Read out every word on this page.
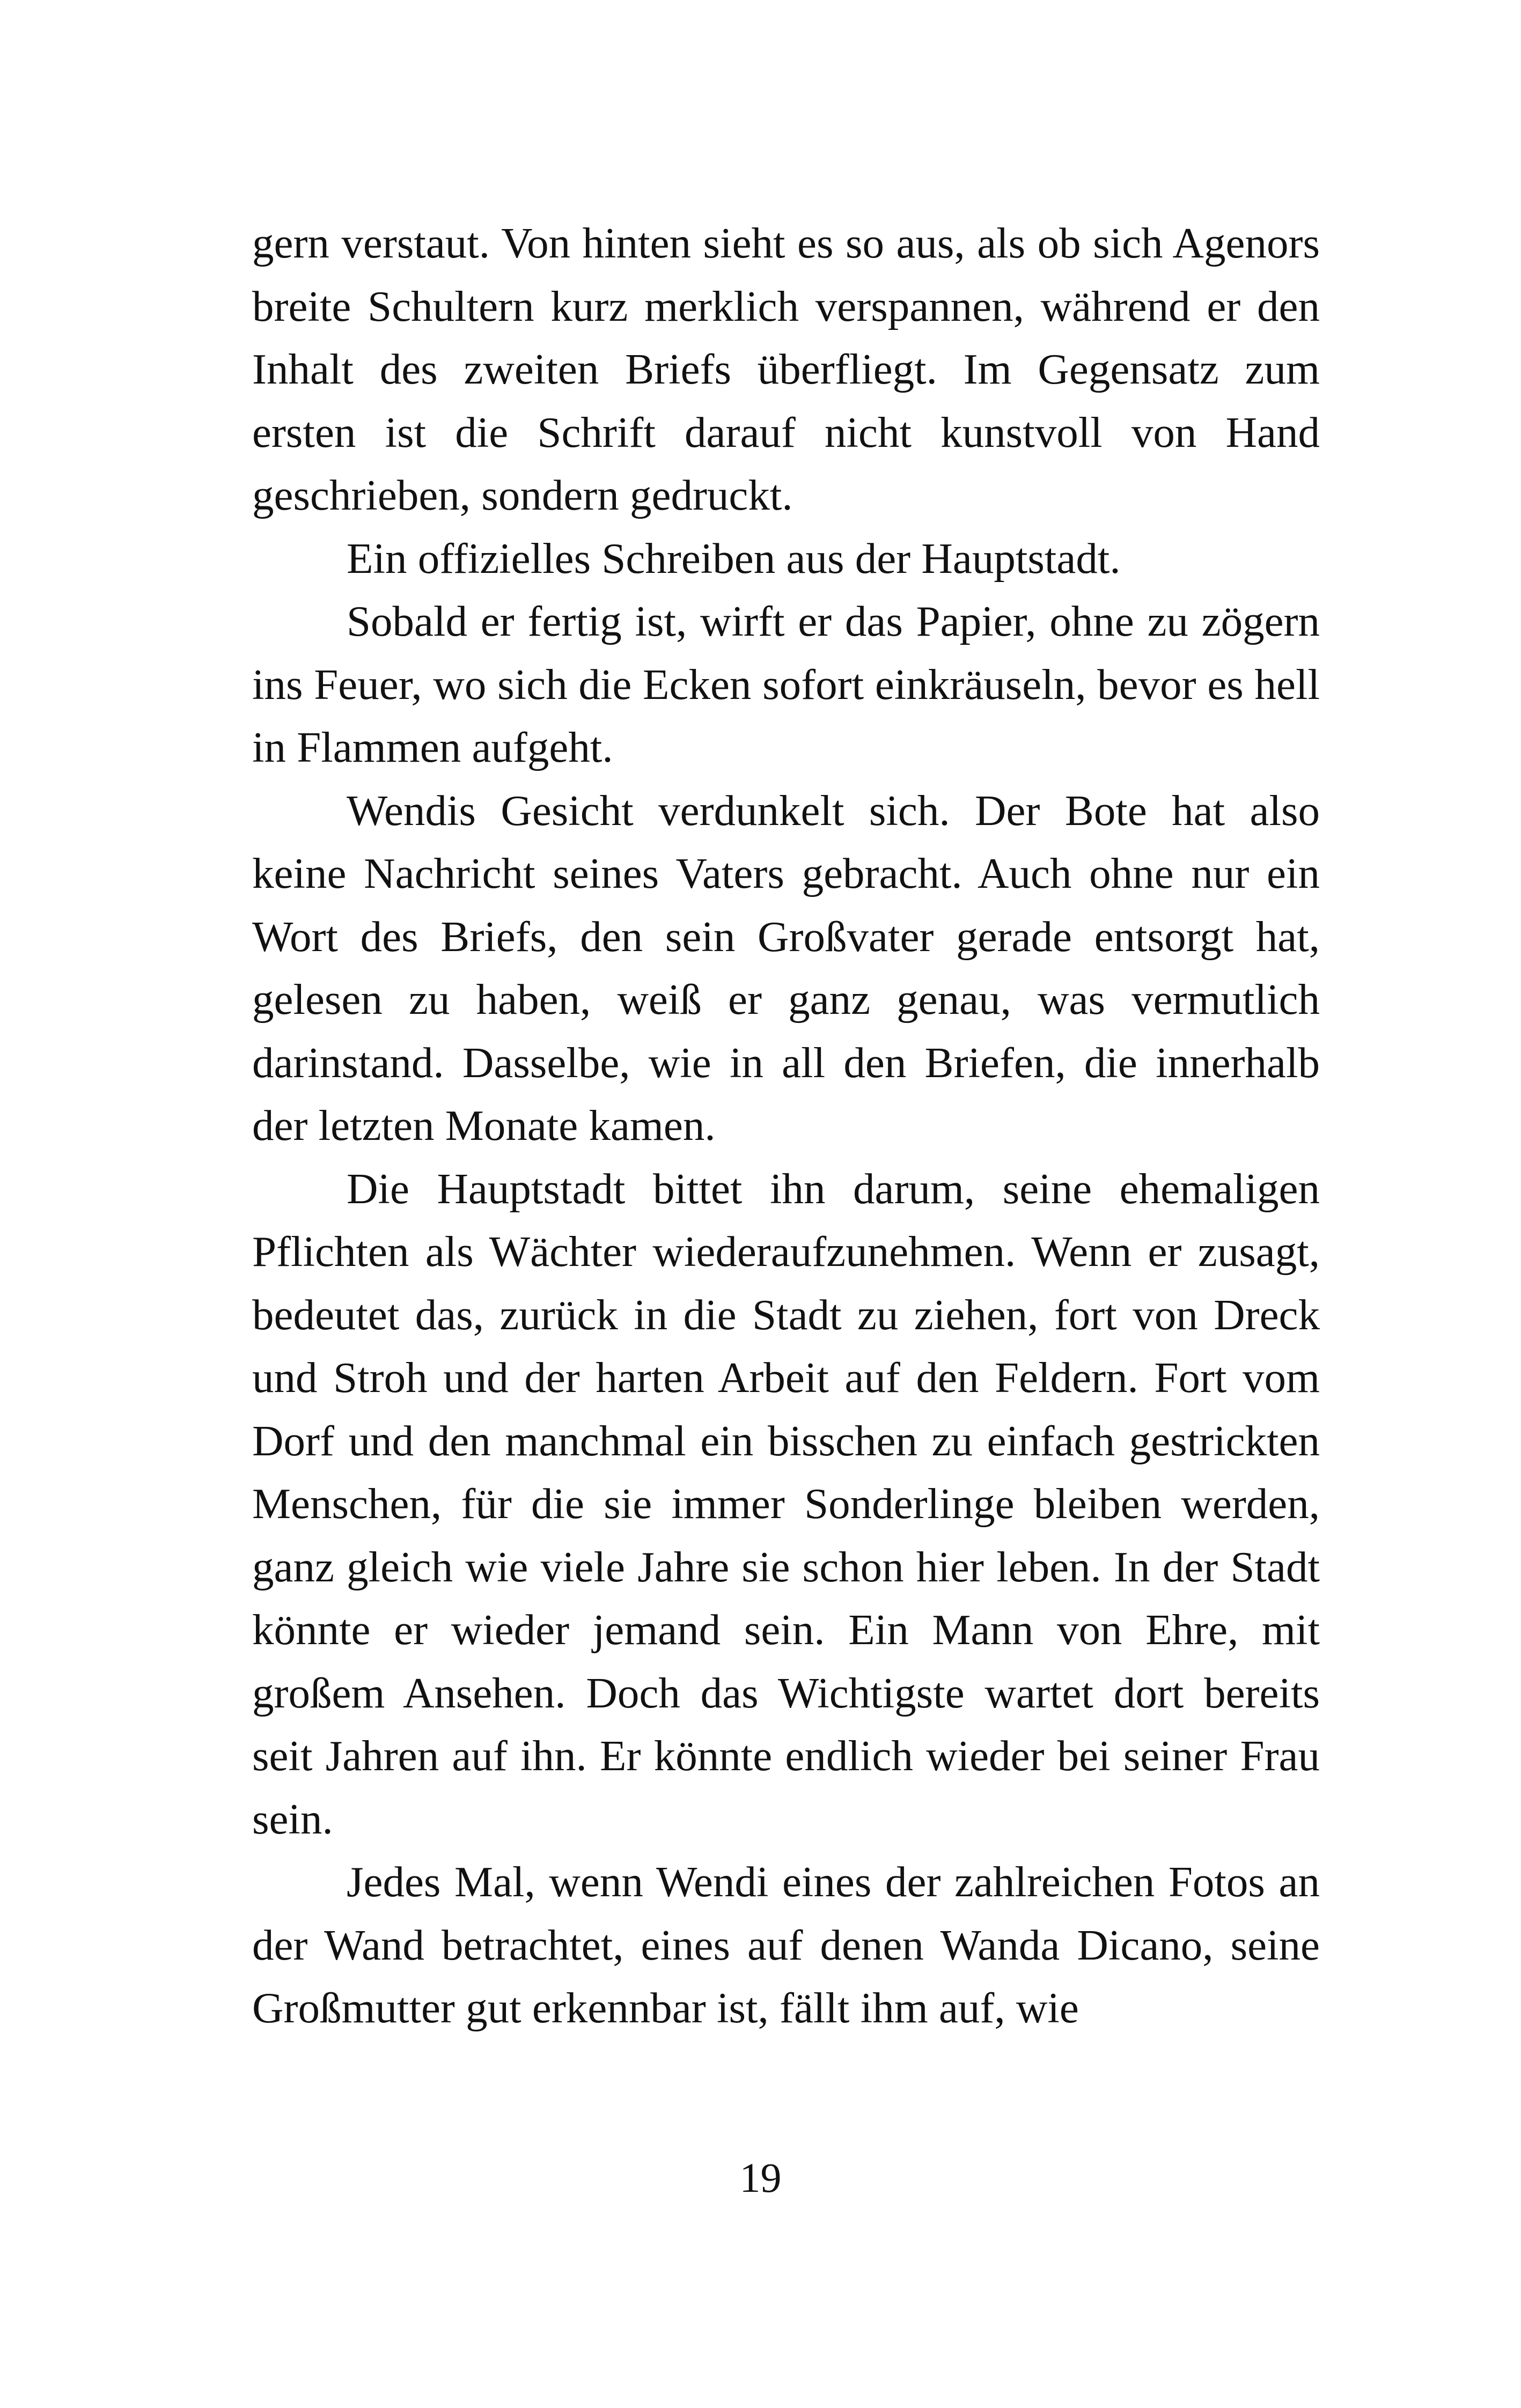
gern verstaut. Von hinten sieht es so aus, als ob sich Agenors breite Schultern kurz merklich verspannen, während er den Inhalt des zweiten Briefs überfliegt. Im Gegensatz zum ersten ist die Schrift darauf nicht kunstvoll von Hand geschrieben, sondern gedruckt.

Ein offizielles Schreiben aus der Hauptstadt.

Sobald er fertig ist, wirft er das Papier, ohne zu zögern ins Feuer, wo sich die Ecken sofort einkräuseln, bevor es hell in Flammen aufgeht.

Wendis Gesicht verdunkelt sich. Der Bote hat also keine Nachricht seines Vaters gebracht. Auch ohne nur ein Wort des Briefs, den sein Großvater gerade entsorgt hat, gelesen zu haben, weiß er ganz genau, was vermutlich darinstand. Dasselbe, wie in all den Briefen, die innerhalb der letzten Monate kamen.

Die Hauptstadt bittet ihn darum, seine ehemaligen Pflichten als Wächter wiederaufzunehmen. Wenn er zusagt, bedeutet das, zurück in die Stadt zu ziehen, fort von Dreck und Stroh und der harten Arbeit auf den Feldern. Fort vom Dorf und den manchmal ein bisschen zu einfach gestrickten Menschen, für die sie immer Sonderlinge bleiben werden, ganz gleich wie viele Jahre sie schon hier leben. In der Stadt könnte er wieder jemand sein. Ein Mann von Ehre, mit großem Ansehen. Doch das Wichtigste wartet dort bereits seit Jahren auf ihn. Er könnte endlich wieder bei seiner Frau sein.

Jedes Mal, wenn Wendi eines der zahlreichen Fotos an der Wand betrachtet, eines auf denen Wanda Dicano, seine Großmutter gut erkennbar ist, fällt ihm auf, wie

19
